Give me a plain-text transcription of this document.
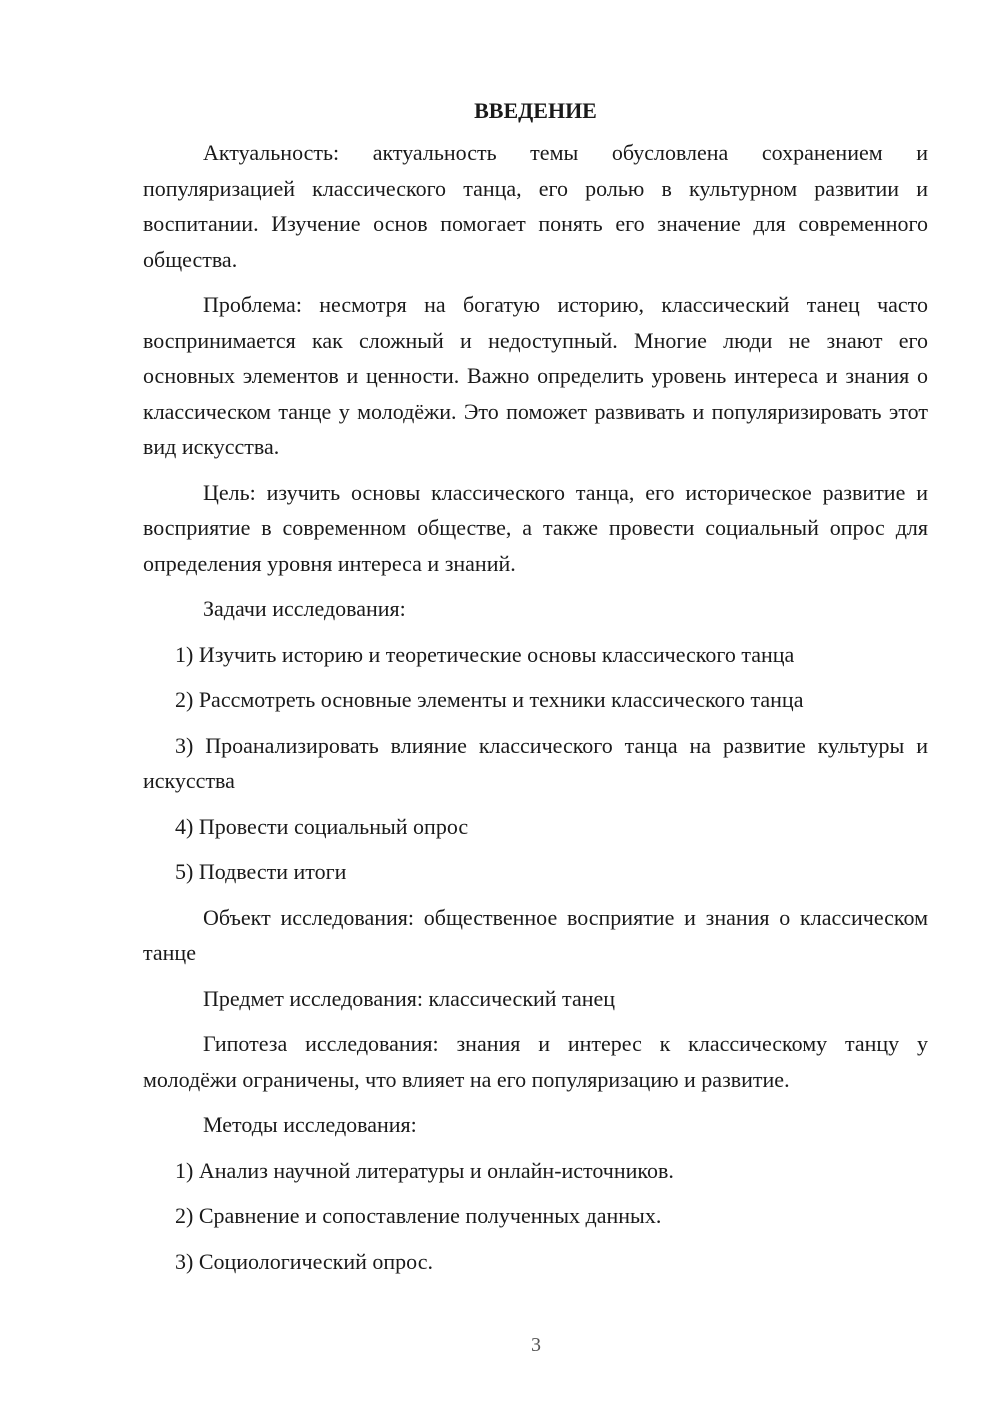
ВВЕДЕНИЕ

Актуальность: актуальность темы обусловлена сохранением и популяризацией классического танца, его ролью в культурном развитии и воспитании. Изучение основ помогает понять его значение для современного общества.

Проблема: несмотря на богатую историю, классический танец часто воспринимается как сложный и недоступный. Многие люди не знают его основных элементов и ценности. Важно определить уровень интереса и знания о классическом танце у молодёжи. Это поможет развивать и популяризировать этот вид искусства.

Цель: изучить основы классического танца, его историческое развитие и восприятие в современном обществе, а также провести социальный опрос для определения уровня интереса и знаний.

Задачи исследования:

1) Изучить историю и теоретические основы классического танца

2) Рассмотреть основные элементы и техники классического танца

3) Проанализировать влияние классического танца на развитие культуры и искусства

4) Провести социальный опрос

5) Подвести итоги

Объект исследования: общественное восприятие и знания о классическом танце

Предмет исследования: классический танец

Гипотеза исследования: знания и интерес к классическому танцу у молодёжи ограничены, что влияет на его популяризацию и развитие.

Методы исследования:

1) Анализ научной литературы и онлайн-источников.

2) Сравнение и сопоставление полученных данных.

3) Социологический опрос.

3
